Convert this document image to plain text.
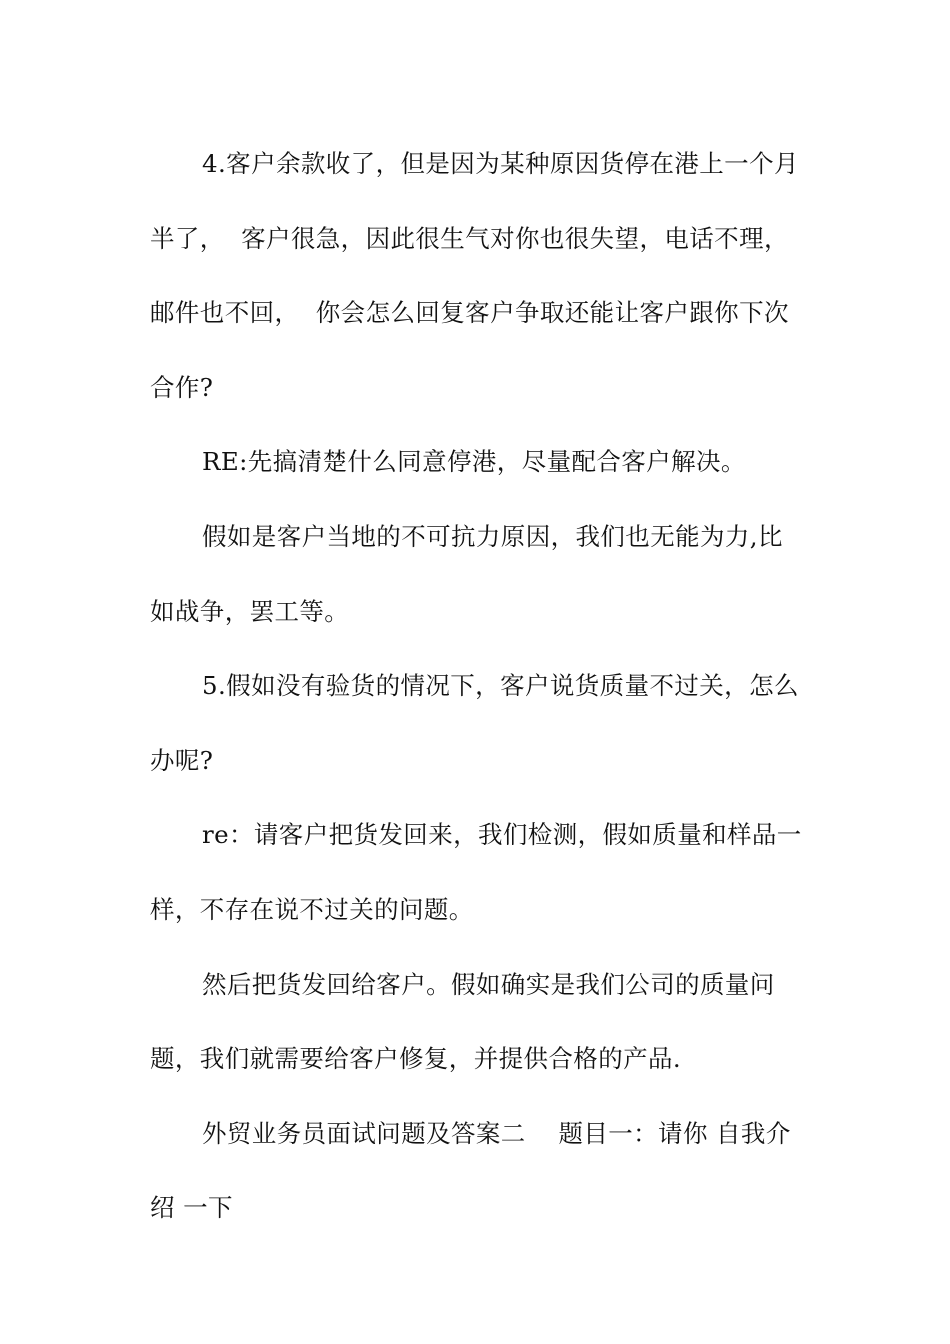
4.客户余款收了，但是因为某种原因货停在港上一个月半了，  客户很急，因此很生气对你也很失望，电话不理，邮件也不回，  你会怎么回复客户争取还能让客户跟你下次合作?

RE:先搞清楚什么同意停港，尽量配合客户解决。

假如是客户当地的不可抗力原因，我们也无能为力,比如战争，罢工等。

5.假如没有验货的情况下，客户说货质量不过关，怎么办呢?

re：请客户把货发回来，我们检测，假如质量和样品一样，不存在说不过关的问题。

然后把货发回给客户。假如确实是我们公司的质量问题，我们就需要给客户修复，并提供合格的产品.

外贸业务员面试问题及答案二    题目一：请你 自我介绍 一下
